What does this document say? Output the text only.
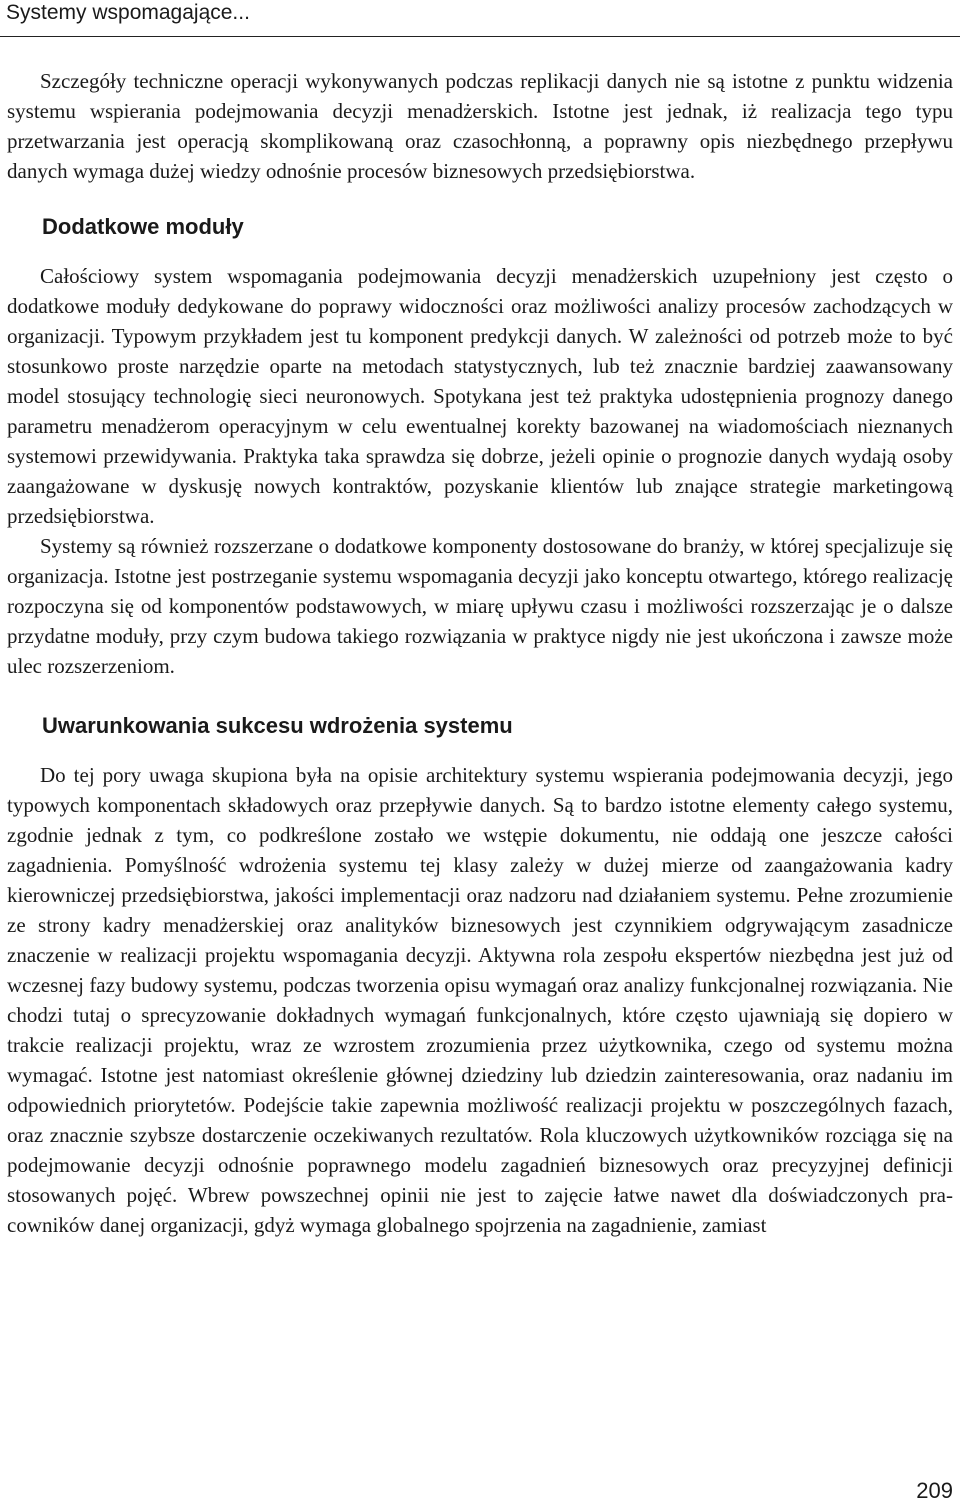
Systemy wspomagające...

Szczegóły techniczne operacji wykonywanych podczas replikacji danych nie są istotne z punktu widzenia systemu wspierania podejmowania decyzji menadżerskich. Istotne jest jednak, iż realizacja tego typu przetwarzania jest operacją skomplikowaną oraz czasochłonną, a poprawny opis niezbędnego przepływu danych wymaga dużej wiedzy odnośnie procesów biznesowych przedsiębiorstwa.

Dodatkowe moduły

Całościowy system wspomagania podejmowania decyzji menadżerskich uzupełniony jest często o dodatkowe moduły dedykowane do poprawy widoczności oraz możliwości analizy procesów zachodzących w organizacji. Typowym przykładem jest tu komponent predykcji danych. W zależności od potrzeb może to być stosunkowo proste narzędzie oparte na metodach statystycznych, lub też znacznie bardziej zaawansowany model stosujący technologię sieci neuronowych. Spotykana jest też praktyka udostępnienia prognozy danego parametru menadżerom operacyjnym w celu ewentualnej korekty bazowanej na wiadomościach nieznanych systemowi przewidywania. Praktyka taka sprawdza się dobrze, jeżeli opinie o prognozie danych wydają osoby zaangażowane w dyskusję nowych kontraktów, pozyskanie klientów lub znające strategie marketingową przedsiębiorstwa.

Systemy są również rozszerzane o dodatkowe komponenty dostosowane do branży, w której specjalizuje się organizacja. Istotne jest postrzeganie systemu wspomagania decyzji jako konceptu otwartego, którego realizację rozpoczyna się od komponentów podstawowych, w miarę upływu czasu i możliwości rozszerzając je o dalsze przydatne moduły, przy czym budowa takiego rozwiązania w praktyce nigdy nie jest ukończona i zawsze może ulec rozszerzeniom.

Uwarunkowania sukcesu wdrożenia systemu

Do tej pory uwaga skupiona była na opisie architektury systemu wspierania podejmowania decyzji, jego typowych komponentach składowych oraz przepływie danych. Są to bardzo istotne elementy całego systemu, zgodnie jednak z tym, co podkreślone zostało we wstępie dokumentu, nie oddają one jeszcze całości zagadnienia. Pomyślność wdrożenia systemu tej klasy zależy w dużej mierze od zaangażowania kadry kierowniczej przedsiębiorstwa, jakości implementacji oraz nadzoru nad działaniem systemu. Pełne zrozumienie ze strony kadry menadżerskiej oraz analityków biznesowych jest czynnikiem odgrywającym zasadnicze znaczenie w realizacji projektu wspomagania decyzji. Aktywna rola zespołu ekspertów niezbędna jest już od wczesnej fazy budowy systemu, podczas tworzenia opisu wymagań oraz analizy funkcjonalnej rozwiązania. Nie chodzi tutaj o sprecyzowanie dokładnych wymagań funkcjonalnych, które często ujawniają się dopiero w trakcie realizacji projektu, wraz ze wzrostem zrozumienia przez użytkownika, czego od systemu można wymagać. Istotne jest natomiast określenie głównej dziedziny lub dziedzin zainteresowania, oraz nadaniu im odpowiednich priorytetów. Podejście takie zapewnia możliwość realizacji projektu w poszczególnych fazach, oraz znacznie szybsze dostarczenie oczekiwanych rezultatów. Rola kluczowych użytkowników rozciąga się na podejmowanie decyzji odnośnie poprawnego modelu zagadnień biznesowych oraz precyzyjnej definicji stosowanych pojęć. Wbrew powszechnej opinii nie jest to zajęcie łatwe nawet dla doświadczonych pracowników danej organizacji, gdyż wymaga globalnego spojrzenia na zagadnienie, zamiast

209
